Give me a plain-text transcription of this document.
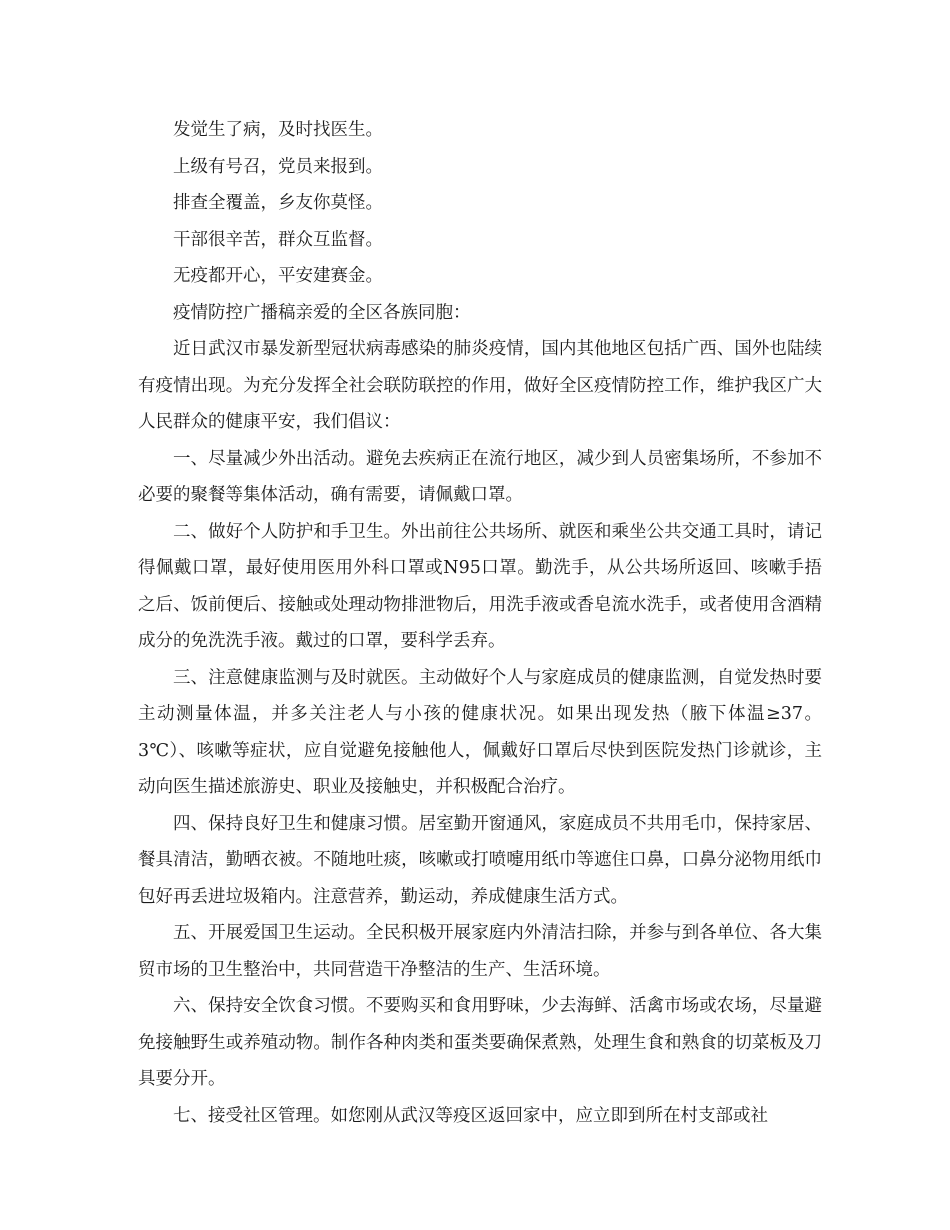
发觉生了病，及时找医生。

上级有号召，党员来报到。

排查全覆盖，乡友你莫怪。

干部很辛苦，群众互监督。

无疫都开心，平安建赛金。

疫情防控广播稿亲爱的全区各族同胞：

近日武汉市暴发新型冠状病毒感染的肺炎疫情，国内其他地区包括广西、国外也陆续有疫情出现。为充分发挥全社会联防联控的作用，做好全区疫情防控工作，维护我区广大人民群众的健康平安，我们倡议：

一、尽量减少外出活动。避免去疾病正在流行地区，减少到人员密集场所，不参加不必要的聚餐等集体活动，确有需要，请佩戴口罩。

二、做好个人防护和手卫生。外出前往公共场所、就医和乘坐公共交通工具时，请记得佩戴口罩，最好使用医用外科口罩或N95口罩。勤洗手，从公共场所返回、咳嗽手捂之后、饭前便后、接触或处理动物排泄物后，用洗手液或香皂流水洗手，或者使用含酒精成分的免洗洗手液。戴过的口罩，要科学丢弃。

三、注意健康监测与及时就医。主动做好个人与家庭成员的健康监测，自觉发热时要主动测量体温，并多关注老人与小孩的健康状况。如果出现发热（腋下体温≥37。3℃）、咳嗽等症状，应自觉避免接触他人，佩戴好口罩后尽快到医院发热门诊就诊，主动向医生描述旅游史、职业及接触史，并积极配合治疗。

四、保持良好卫生和健康习惯。居室勤开窗通风，家庭成员不共用毛巾，保持家居、餐具清洁，勤晒衣被。不随地吐痰，咳嗽或打喷嚏用纸巾等遮住口鼻，口鼻分泌物用纸巾包好再丢进垃圾箱内。注意营养，勤运动，养成健康生活方式。

五、开展爱国卫生运动。全民积极开展家庭内外清洁扫除，并参与到各单位、各大集贸市场的卫生整治中，共同营造干净整洁的生产、生活环境。

六、保持安全饮食习惯。不要购买和食用野味，少去海鲜、活禽市场或农场，尽量避免接触野生或养殖动物。制作各种肉类和蛋类要确保煮熟，处理生食和熟食的切菜板及刀具要分开。

七、接受社区管理。如您刚从武汉等疫区返回家中，应立即到所在村支部或社
